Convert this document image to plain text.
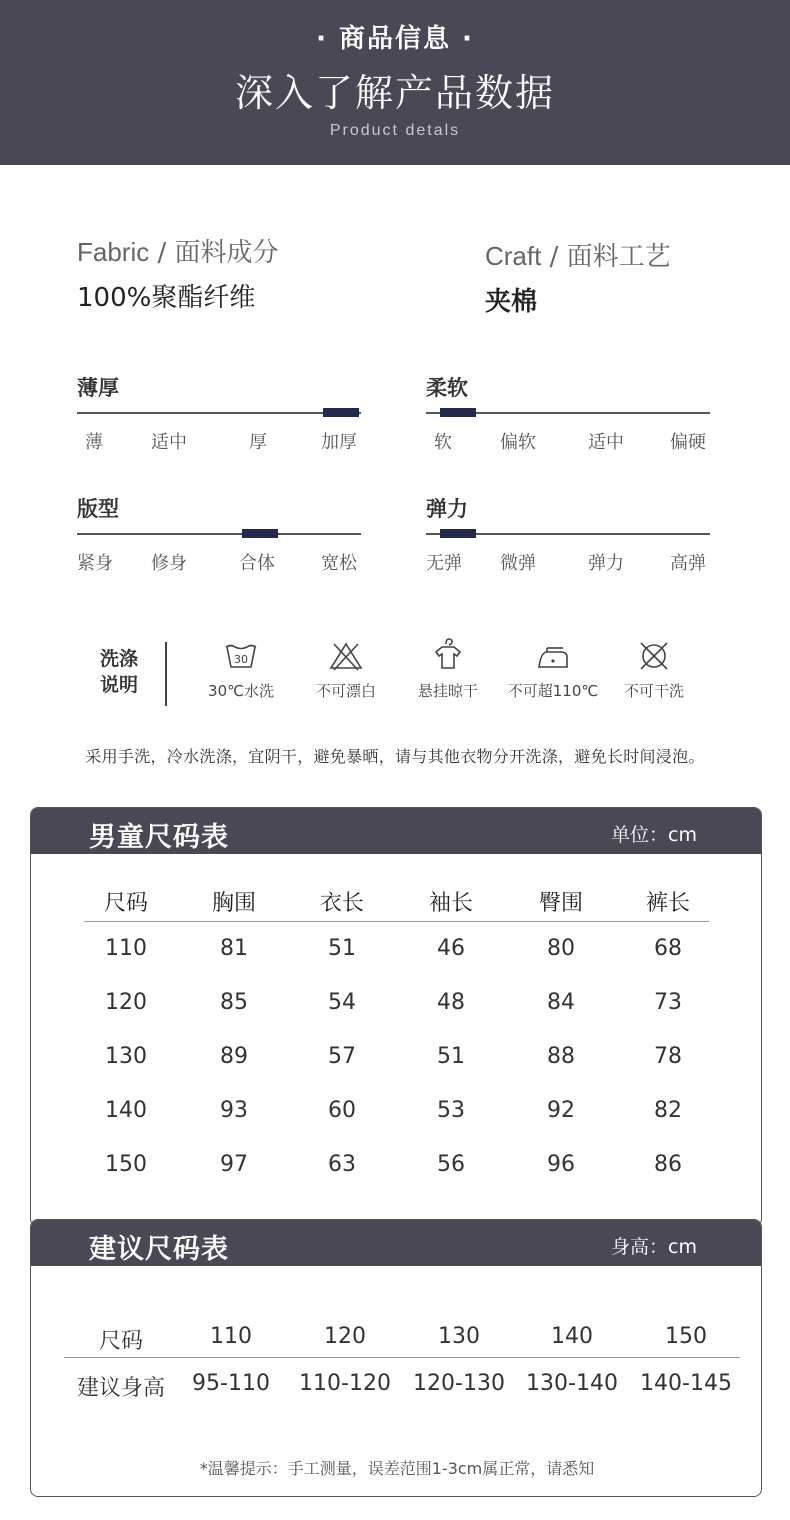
· 商品信息 ·
深入了解产品数据
Product detals
Fabric / 面料成分
100%聚酯纤维
Craft / 面料工艺
夹棉
薄厚
薄	适中	厚	加厚
柔软
软	偏软	适中	偏硬
版型
紧身 修身	合体	宽松
弹力
无弹 微弹	弹力	高弹
洗涤
说明
30
30℃水洗	不可漂白	悬挂晾干	不可超110℃	不可干洗
采用手洗，冷水洗涤，宜阴干，避免暴晒，请与其他衣物分开洗涤，避免长时间浸泡。
男童尺码表	单位：cm
尺码	胸围	衣长	袖长	臀围	裤长
110	81	51	46	80	68
120	85	54	48	84	73
130	89	57	51	88	78
140	93	60	53	92	82
150	97	63	56	96	86
建议尺码表	身高：cm
尺码	110	120	130	140	150
建议身高	95-110	110-120	120-130 130-140	140-145
*温馨提示：手工测量，误差范围1-3cm属正常，请悉知
